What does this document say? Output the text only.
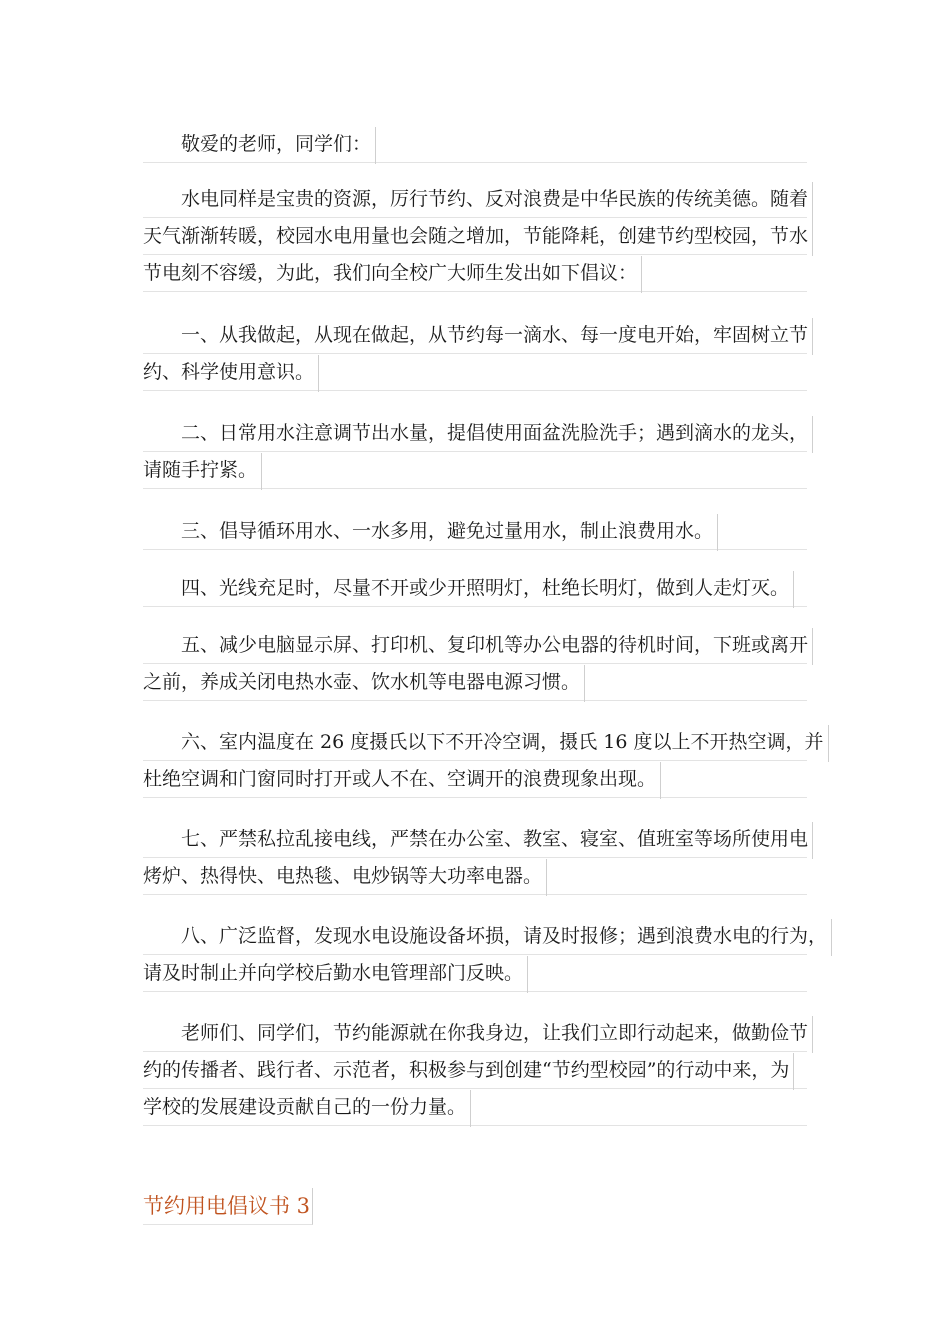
敬爱的老师，同学们：
水电同样是宝贵的资源，厉行节约、反对浪费是中华民族的传统美德。随着
天气渐渐转暖，校园水电用量也会随之增加，节能降耗，创建节约型校园，节水
节电刻不容缓，为此，我们向全校广大师生发出如下倡议：
一、从我做起，从现在做起，从节约每一滴水、每一度电开始，牢固树立节
约、科学使用意识。
二、日常用水注意调节出水量，提倡使用面盆洗脸洗手；遇到滴水的龙头，
请随手拧紧。
三、倡导循环用水、一水多用，避免过量用水，制止浪费用水。
四、光线充足时，尽量不开或少开照明灯，杜绝长明灯，做到人走灯灭。
五、减少电脑显示屏、打印机、复印机等办公电器的待机时间，下班或离开
之前，养成关闭电热水壶、饮水机等电器电源习惯。
六、室内温度在 26 度摄氏以下不开冷空调，摄氏 16 度以上不开热空调，并
杜绝空调和门窗同时打开或人不在、空调开的浪费现象出现。
七、严禁私拉乱接电线，严禁在办公室、教室、寝室、值班室等场所使用电
烤炉、热得快、电热毯、电炒锅等大功率电器。
八、广泛监督，发现水电设施设备坏损，请及时报修；遇到浪费水电的行为，
请及时制止并向学校后勤水电管理部门反映。
老师们、同学们，节约能源就在你我身边，让我们立即行动起来，做勤俭节
约的传播者、践行者、示范者，积极参与到创建“节约型校园”的行动中来，为
学校的发展建设贡献自己的一份力量。
节约用电倡议书 3
